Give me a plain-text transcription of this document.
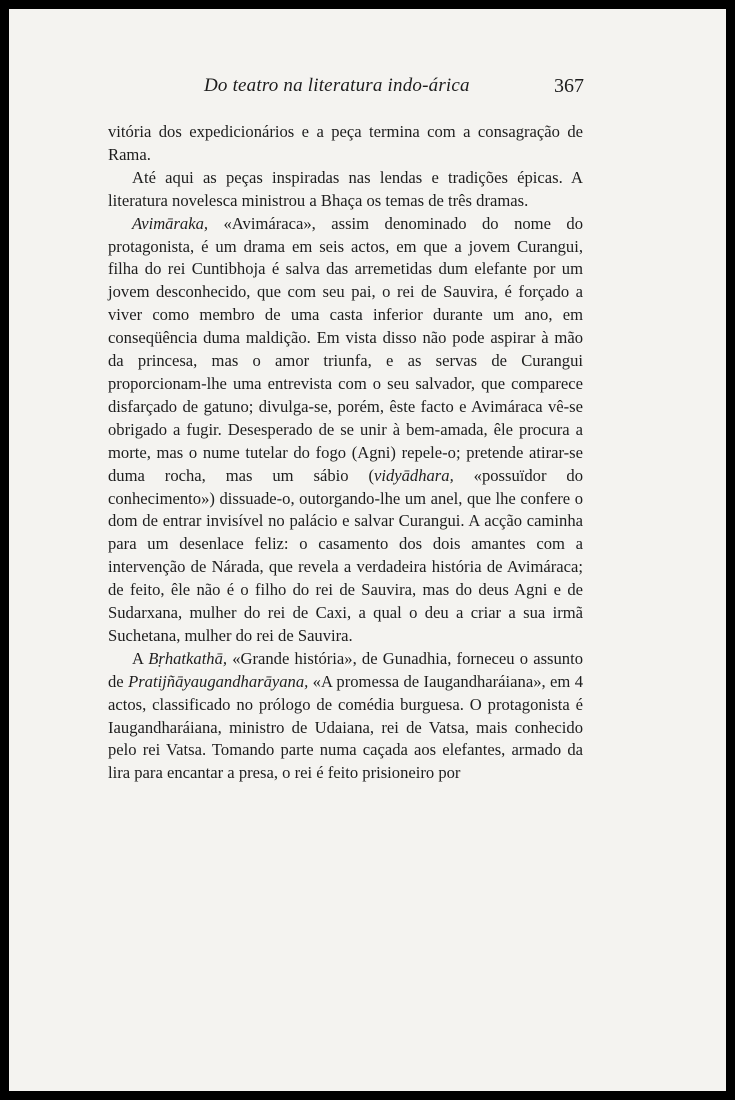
Do teatro na literatura indo-árica	367

vitória dos expedicionários e a peça termina com a consagração de Rama.

Até aqui as peças inspiradas nas lendas e tradições épicas. A literatura novelesca ministrou a Bhaça os temas de três dramas.

Avimāraka, «Avimáraca», assim denominado do nome do protagonista, é um drama em seis actos, em que a jovem Curangui, filha do rei Cuntibhoja é salva das arremetidas dum elefante por um jovem desconhecido, que com seu pai, o rei de Sauvira, é forçado a viver como membro de uma casta inferior durante um ano, em conseqüência duma maldição. Em vista disso não pode aspirar à mão da princesa, mas o amor triunfa, e as servas de Curangui proporcionam-lhe uma entrevista com o seu salvador, que comparece disfarçado de gatuno; divulga-se, porém, êste facto e Avimáraca vê-se obrigado a fugir. Desesperado de se unir à bem-amada, êle procura a morte, mas o nume tutelar do fogo (Agni) repele-o; pretende atirar-se duma rocha, mas um sábio (vidyādhara, «possuïdor do conhecimento») dissuade-o, outorgando-lhe um anel, que lhe confere o dom de entrar invisível no palácio e salvar Curangui. A acção caminha para um desenlace feliz: o casamento dos dois amantes com a intervenção de Nárada, que revela a verdadeira história de Avimáraca; de feito, êle não é o filho do rei de Sauvira, mas do deus Agni e de Sudarxana, mulher do rei de Caxi, a qual o deu a criar a sua irmã Suchetana, mulher do rei de Sauvira.

A Bṛhatkathā, «Grande história», de Gunadhia, forneceu o assunto de Pratijñāyaugandharāyana, «A promessa de Iaugandharáiana», em 4 actos, classificado no prólogo de comédia burguesa. O protagonista é Iaugandharáiana, ministro de Udaiana, rei de Vatsa, mais conhecido pelo rei Vatsa. Tomando parte numa caçada aos elefantes, armado da lira para encantar a presa, o rei é feito prisioneiro por
